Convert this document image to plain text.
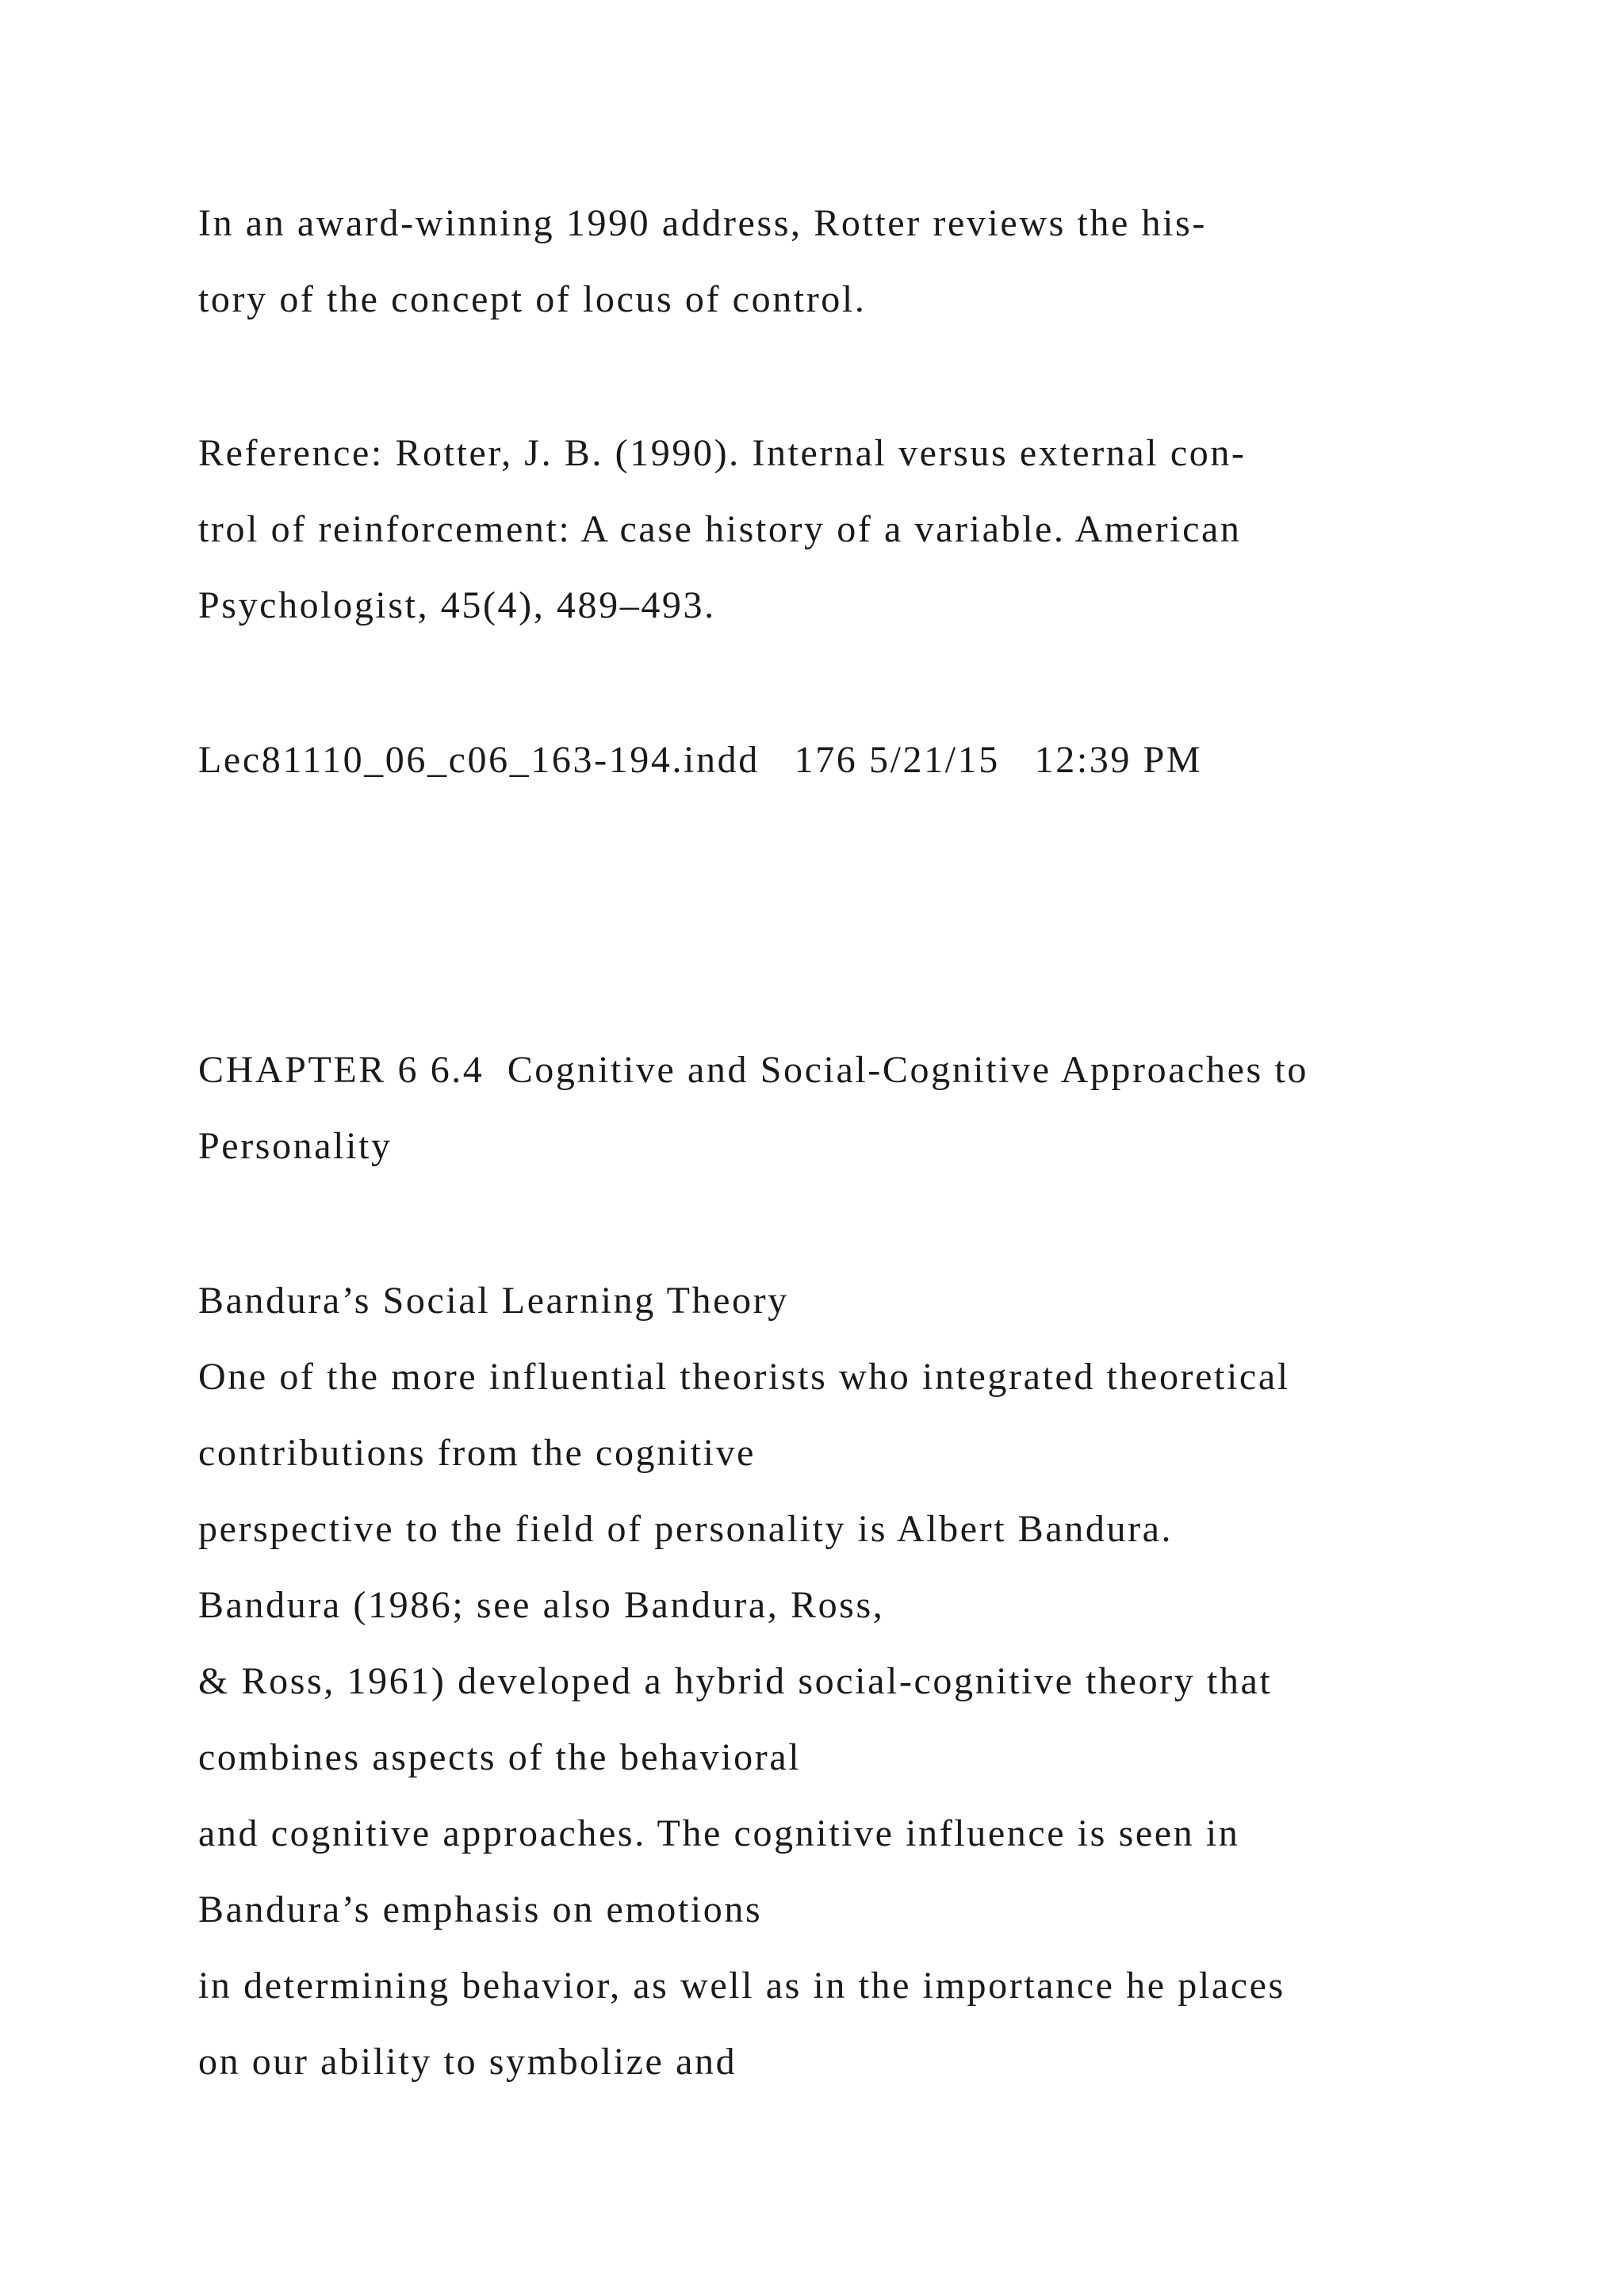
In an award-winning 1990 address, Rotter reviews the his-

tory of the concept of locus of control.

Reference: Rotter, J. B. (1990). Internal versus external con-

trol of reinforcement: A case history of a variable. American

Psychologist, 45(4), 489–493.

Lec81110_06_c06_163-194.indd   176 5/21/15   12:39 PM

CHAPTER 6 6.4  Cognitive and Social-Cognitive Approaches to

Personality

Bandura’s Social Learning Theory

One of the more influential theorists who integrated theoretical

contributions from the cognitive

perspective to the field of personality is Albert Bandura.

Bandura (1986; see also Bandura, Ross,

& Ross, 1961) developed a hybrid social-cognitive theory that

combines aspects of the behavioral

and cognitive approaches. The cognitive influence is seen in

Bandura’s emphasis on emotions

in determining behavior, as well as in the importance he places

on our ability to symbolize and
